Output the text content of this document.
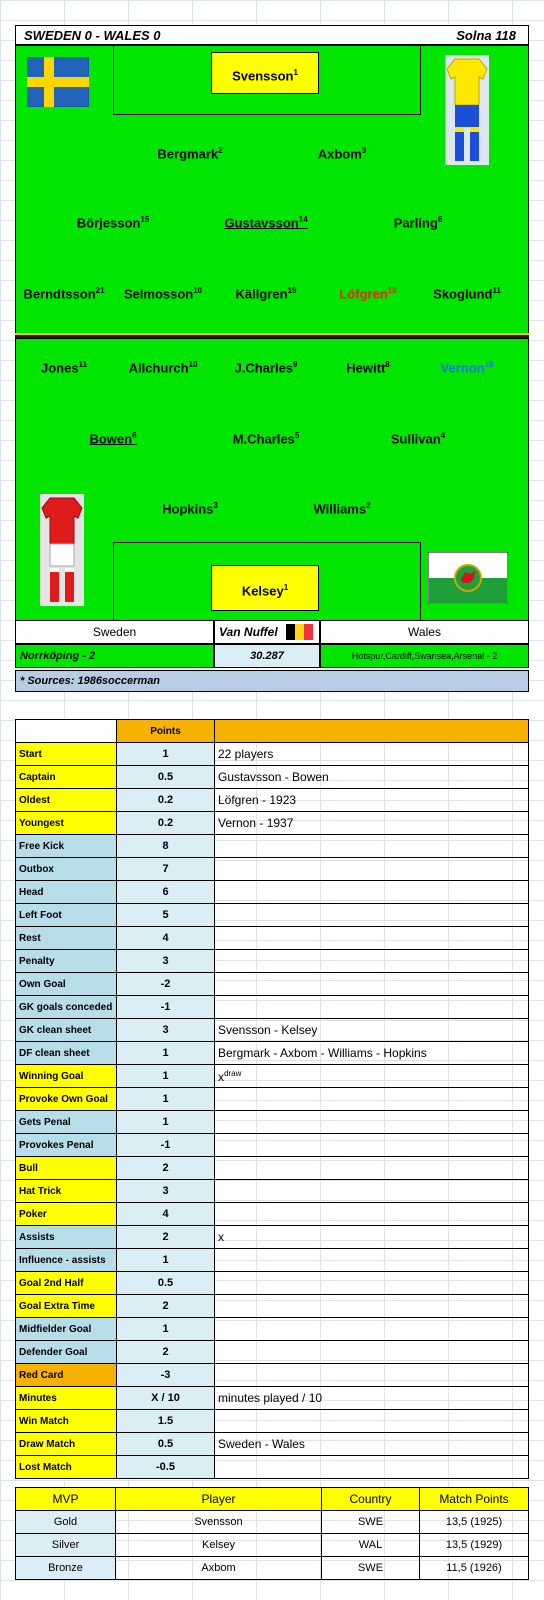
SWEDEN 0 - WALES 0	Solna 118
Svensson$^1$
Bergmark$^2$	Axbom$^3$
Börjesson$^{15}$	Gustavsson$^{14}$	Parling$^6$
Berndtsson$^{21}$ Selmosson$^{10}$	Källgren$^{19}$	Löfgren$^{18}$	Skoglund$^{11}$
Kelsey$^1$
Jones$^{11}$	Allchurch$^{10}$	J.Charles$^9$	Hewitt$^8$	Vernon$^{18}$
Bowen$^6$	M.Charles$^5$	Sullivan$^4$
Hopkins$^3$	Williams$^2$
Sweden	Van Nuffel	Wales
Norrköping - 2	30.287	Hotspur,Cardiff,Swansea,Arsenal - 2
* Sources: 1986soccerman
	Points	
Start	1	22 players
Captain	0.5	Gustavsson - Bowen
Oldest	0.2	Löfgren - 1923
Youngest	0.2	Vernon - 1937
Free Kick	8	
Outbox	7	
Head	6	
Left Foot	5	
Rest	4	
Penalty	3	
Own Goal	-2	
GK goals conceded	-1	
GK clean sheet	3	Svensson - Kelsey
DF clean sheet	1	Bergmark - Axbom - Williams - Hopkins
Winning Goal	1	$x^{draw}$
Provoke Own Goal	1	
Gets Penal	1	
Provokes Penal	-1	
Bull	2	
Hat Trick	3	
Poker	4	
Assists	2	x
Influence - assists	1	
Goal 2nd Half	0.5	
Goal Extra Time	2	
Midfielder Goal	1	
Defender Goal	2	
Red Card	-3	
Minutes	X / 10	minutes played / 10
Win Match	1.5	
Draw Match	0.5	Sweden - Wales
Lost Match	-0.5	
MVP	Player	Country	Match Points
Gold	Svensson	SWE	13,5 (1925)
Silver	Kelsey	WAL	13,5 (1929)
Bronze	Axbom	SWE	11,5 (1926)
